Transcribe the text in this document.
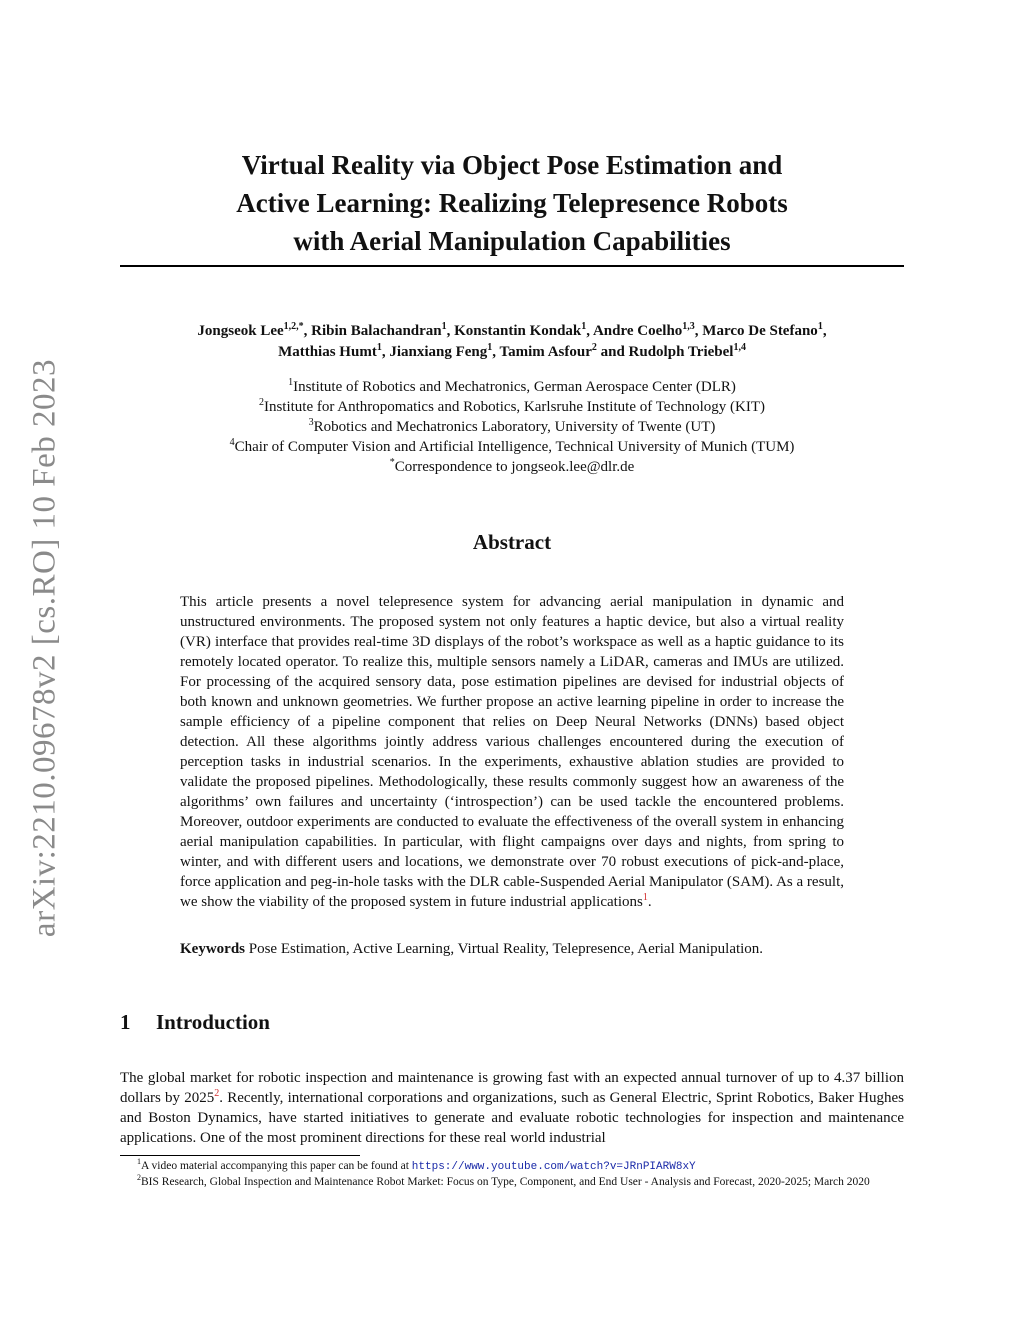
arXiv:2210.09678v2 [cs.RO] 10 Feb 2023
Virtual Reality via Object Pose Estimation and
Active Learning: Realizing Telepresence Robots
with Aerial Manipulation Capabilities
Jongseok Lee$^{1,2,*}$, Ribin Balachandran$^1$, Konstantin Kondak$^1$, Andre Coelho$^{1,3}$, Marco De Stefano$^1$,
Matthias Humt$^1$, Jianxiang Feng$^1$, Tamim Asfour$^2$ and Rudolph Triebel$^{1,4}$
$^1$Institute of Robotics and Mechatronics, German Aerospace Center (DLR)
$^2$Institute for Anthropomatics and Robotics, Karlsruhe Institute of Technology (KIT)
$^3$Robotics and Mechatronics Laboratory, University of Twente (UT)
$^4$Chair of Computer Vision and Artificial Intelligence, Technical University of Munich (TUM)
*Correspondence to jongseok.lee@dlr.de
Abstract
This article presents a novel telepresence system for advancing aerial manipulation in dynamic and unstructured environments. The proposed system not only features a haptic device, but also a virtual reality (VR) interface that provides real-time 3D displays of the robot’s workspace as well as a haptic guidance to its remotely located operator. To realize this, multiple sensors namely a LiDAR, cameras and IMUs are utilized. For processing of the acquired sensory data, pose estimation pipelines are devised for industrial objects of both known and unknown geometries. We further propose an active learning pipeline in order to increase the sample efficiency of a pipeline component that relies on Deep Neural Networks (DNNs) based object detection. All these algorithms jointly address various challenges encountered during the execution of perception tasks in industrial scenarios. In the experiments, exhaustive ablation studies are provided to validate the proposed pipelines. Methodologically, these results commonly suggest how an awareness of the algorithms’ own failures and uncertainty (‘introspection’) can be used tackle the encountered problems. Moreover, outdoor experiments are conducted to evaluate the effectiveness of the overall system in enhancing aerial manipulation capabilities. In particular, with flight campaigns over days and nights, from spring to winter, and with different users and locations, we demonstrate over 70 robust executions of pick-and-place, force application and peg-in-hole tasks with the DLR cable-Suspended Aerial Manipulator (SAM). As a result, we show the viability of the proposed system in future industrial applications$^1$.
Keywords Pose Estimation, Active Learning, Virtual Reality, Telepresence, Aerial Manipulation.
1 Introduction
The global market for robotic inspection and maintenance is growing fast with an expected annual turnover of up to 4.37 billion dollars by 2025$^2$. Recently, international corporations and organizations, such as General Electric, Sprint Robotics, Baker Hughes and Boston Dynamics, have started initiatives to generate and evaluate robotic technologies for inspection and maintenance applications. One of the most prominent directions for these real world industrial
$^1$A video material accompanying this paper can be found at https://www.youtube.com/watch?v=JRnPIARW8xY
$^2$BIS Research, Global Inspection and Maintenance Robot Market: Focus on Type, Component, and End User - Analysis and Forecast, 2020-2025; March 2020
